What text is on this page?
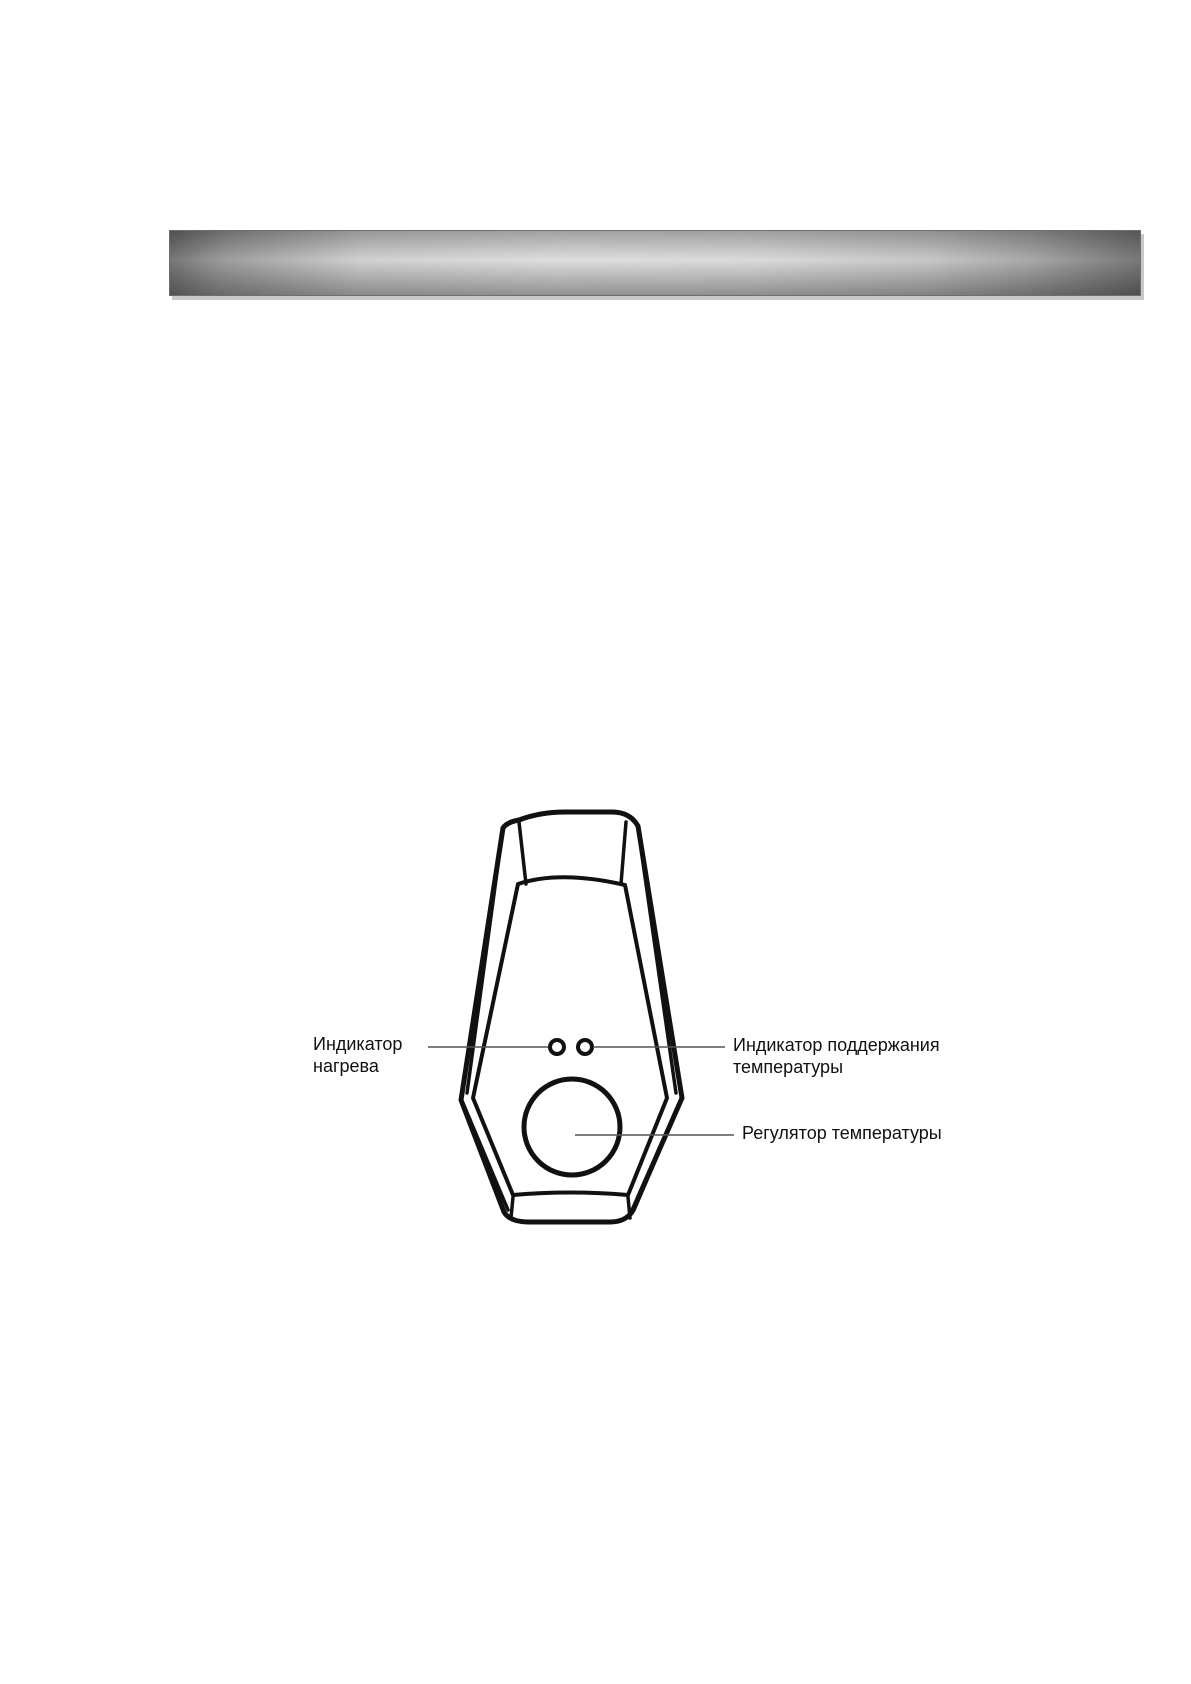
Индикатор
нагрева
Индикатор поддержания
температуры
Регулятор температуры
